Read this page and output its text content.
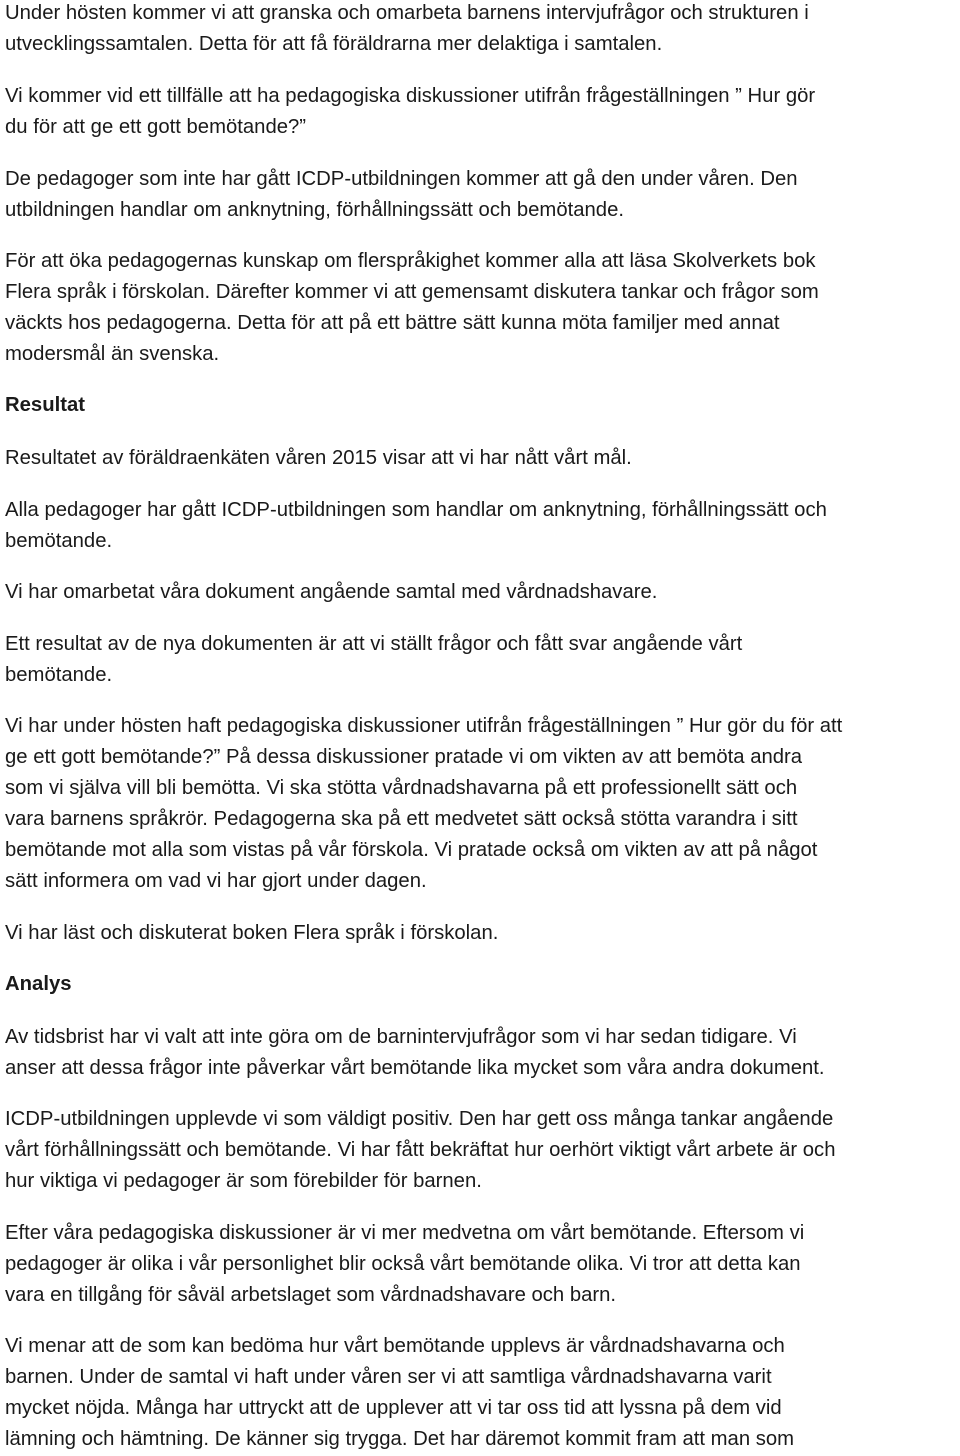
Under hösten kommer vi att granska och omarbeta barnens intervjufrågor och strukturen i
utvecklingssamtalen. Detta för att få föräldrarna mer delaktiga i samtalen.
Vi kommer vid ett tillfälle att ha pedagogiska diskussioner utifrån frågeställningen ” Hur gör
du för att ge ett gott bemötande?”
De pedagoger som inte har gått ICDP-utbildningen kommer att gå den under våren. Den
utbildningen handlar om anknytning, förhållningssätt och bemötande.
För att öka pedagogernas kunskap om flerspråkighet kommer alla att läsa Skolverkets bok
Flera språk i förskolan. Därefter kommer vi att gemensamt diskutera tankar och frågor som
väckts hos pedagogerna. Detta för att på ett bättre sätt kunna möta familjer med annat
modersmål än svenska.
Resultat
Resultatet av föräldraenkäten våren 2015 visar att vi har nått vårt mål.
Alla pedagoger har gått ICDP-utbildningen som handlar om anknytning, förhållningssätt och
bemötande.
Vi har omarbetat våra dokument angående samtal med vårdnadshavare.
Ett resultat av de nya dokumenten är att vi ställt frågor och fått svar angående vårt
bemötande.
Vi har under hösten haft pedagogiska diskussioner utifrån frågeställningen ” Hur gör du för att
ge ett gott bemötande?” På dessa diskussioner pratade vi om vikten av att bemöta andra
som vi själva vill bli bemötta. Vi ska stötta vårdnadshavarna på ett professionellt sätt och
vara barnens språkrör. Pedagogerna ska på ett medvetet sätt också stötta varandra i sitt
bemötande mot alla som vistas på vår förskola. Vi pratade också om vikten av att på något
sätt informera om vad vi har gjort under dagen.
Vi har läst och diskuterat boken Flera språk i förskolan.
Analys
Av tidsbrist har vi valt att inte göra om de barnintervjufrågor som vi har sedan tidigare. Vi
anser att dessa frågor inte påverkar vårt bemötande lika mycket som våra andra dokument.
ICDP-utbildningen upplevde vi som väldigt positiv. Den har gett oss många tankar angående
vårt förhållningssätt och bemötande. Vi har fått bekräftat hur oerhört viktigt vårt arbete är och
hur viktiga vi pedagoger är som förebilder för barnen.
Efter våra pedagogiska diskussioner är vi mer medvetna om vårt bemötande. Eftersom vi
pedagoger är olika i vår personlighet blir också vårt bemötande olika. Vi tror att detta kan
vara en tillgång för såväl arbetslaget som vårdnadshavare och barn.
Vi menar att de som kan bedöma hur vårt bemötande upplevs är vårdnadshavarna och
barnen. Under de samtal vi haft under våren ser vi att samtliga vårdnadshavarna varit
mycket nöjda. Många har uttryckt att de upplever att vi tar oss tid att lyssna på dem vid
lämning och hämtning. De känner sig trygga. Det har däremot kommit fram att man som
